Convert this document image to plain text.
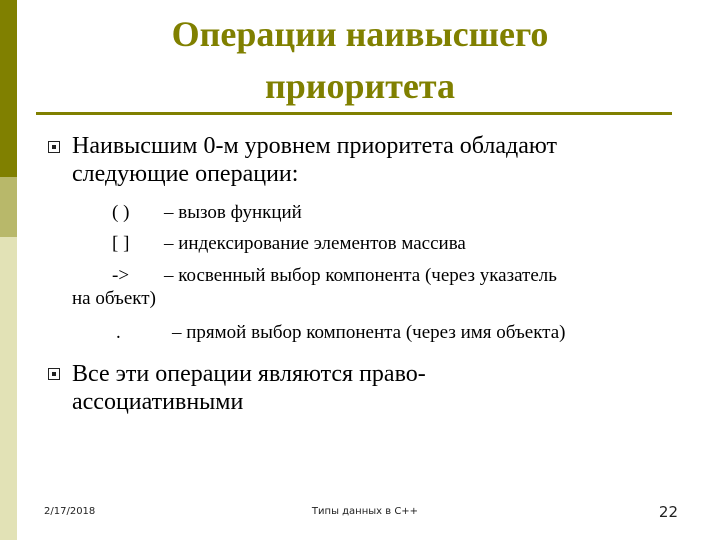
Операции наивысшего
приоритета
Наивысшим 0-м уровнем приоритета обладают
следующие операции:
( ) – вызов функций
[ ] – индексирование элементов массива
-> – косвенный выбор компонента (через указатель
на объект)
.	– прямой выбор компонента (через имя объекта)
Все эти операции являются право-
ассоциативными
2/17/2018	Типы данных в С++	22
